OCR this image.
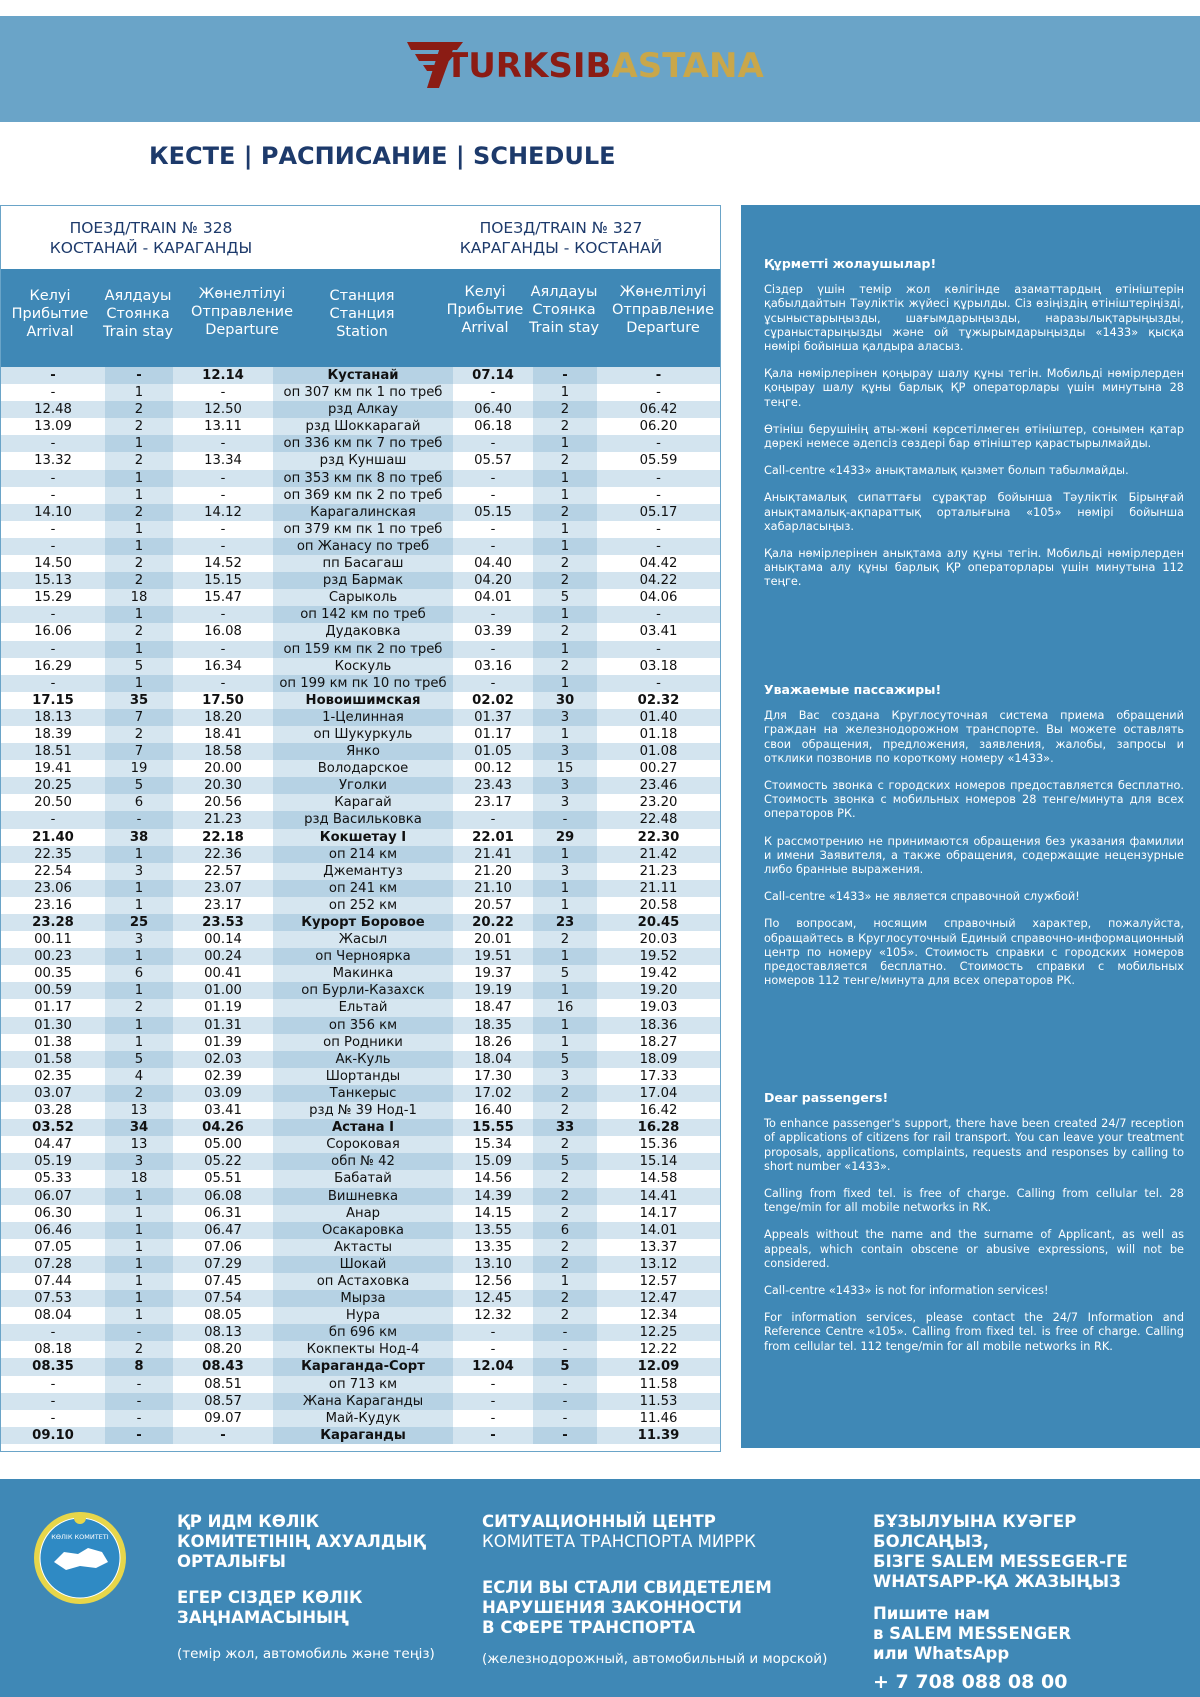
TURKSIBASTANA
КЕСТЕ | РАСПИСАНИЕ | SCHEDULE
ПОЕЗД/TRAIN № 328
КОСТАНАЙ - КАРАГАНДЫ
ПОЕЗД/TRAIN № 327
КАРАГАНДЫ - КОСТАНАЙ
Келуі
Прибытие
Arrival
Аялдауы
Стоянка
Train stay
Жөнелтілуі
Отправление
Departure
Станция
Станция
Station
Келуі
Прибытие
Arrival
Аялдауы
Стоянка
Train stay
Жөнелтілуі
Отправление
Departure
-	-	12.14	Кустанай	07.14	-	-
-	1	-	оп 307 км пк 1 по треб	-	1	-
12.48	2	12.50	рзд Алкау	06.40	2	06.42
13.09	2	13.11	рзд Шоккарагай	06.18	2	06.20
-	1	-	оп 336 км пк 7 по треб	-	1	-
13.32	2	13.34	рзд Куншаш	05.57	2	05.59
-	1	-	оп 353 км пк 8 по треб	-	1	-
-	1	-	оп 369 км пк 2 по треб	-	1	-
14.10	2	14.12	Карагалинская	05.15	2	05.17
-	1	-	оп 379 км пк 1 по треб	-	1	-
-	1	-	оп Жанасу по треб	-	1	-
14.50	2	14.52	пп Басагаш	04.40	2	04.42
15.13	2	15.15	рзд Бармак	04.20	2	04.22
15.29	18	15.47	Сарыколь	04.01	5	04.06
-	1	-	оп 142 км по треб	-	1	-
16.06	2	16.08	Дудаковка	03.39	2	03.41
-	1	-	оп 159 км пк 2 по треб	-	1	-
16.29	5	16.34	Коскуль	03.16	2	03.18
-	1	-	оп 199 км пк 10 по треб	-	1	-
17.15	35	17.50	Новоишимская	02.02	30	02.32
18.13	7	18.20	1-Целинная	01.37	3	01.40
18.39	2	18.41	оп Шукуркуль	01.17	1	01.18
18.51	7	18.58	Янко	01.05	3	01.08
19.41	19	20.00	Володарское	00.12	15	00.27
20.25	5	20.30	Уголки	23.43	3	23.46
20.50	6	20.56	Карагай	23.17	3	23.20
-	-	21.23	рзд Васильковка	-	-	22.48
21.40	38	22.18	Кокшетау I	22.01	29	22.30
22.35	1	22.36	оп 214 км	21.41	1	21.42
22.54	3	22.57	Джемантуз	21.20	3	21.23
23.06	1	23.07	оп 241 км	21.10	1	21.11
23.16	1	23.17	оп 252 км	20.57	1	20.58
23.28	25	23.53	Курорт Боровое	20.22	23	20.45
00.11	3	00.14	Жасыл	20.01	2	20.03
00.23	1	00.24	оп Черноярка	19.51	1	19.52
00.35	6	00.41	Макинка	19.37	5	19.42
00.59	1	01.00	оп Бурли-Казахск	19.19	1	19.20
01.17	2	01.19	Ельтай	18.47	16	19.03
01.30	1	01.31	оп 356 км	18.35	1	18.36
01.38	1	01.39	оп Родники	18.26	1	18.27
01.58	5	02.03	Ак-Куль	18.04	5	18.09
02.35	4	02.39	Шортанды	17.30	3	17.33
03.07	2	03.09	Танкерыс	17.02	2	17.04
03.28	13	03.41	рзд № 39 Нод-1	16.40	2	16.42
03.52	34	04.26	Астана I	15.55	33	16.28
04.47	13	05.00	Сороковая	15.34	2	15.36
05.19	3	05.22	обп № 42	15.09	5	15.14
05.33	18	05.51	Бабатай	14.56	2	14.58
06.07	1	06.08	Вишневка	14.39	2	14.41
06.30	1	06.31	Анар	14.15	2	14.17
06.46	1	06.47	Осакаровка	13.55	6	14.01
07.05	1	07.06	Актасты	13.35	2	13.37
07.28	1	07.29	Шокай	13.10	2	13.12
07.44	1	07.45	оп Астаховка	12.56	1	12.57
07.53	1	07.54	Мырза	12.45	2	12.47
08.04	1	08.05	Нура	12.32	2	12.34
-	-	08.13	бп 696 км	-	-	12.25
08.18	2	08.20	Кокпекты Нод-4	-	-	12.22
08.35	8	08.43	Караганда-Сорт	12.04	5	12.09
-	-	08.51	оп 713 км	-	-	11.58
-	-	08.57	Жана Караганды	-	-	11.53
-	-	09.07	Май-Кудук	-	-	11.46
09.10	-	-	Караганды	-	-	11.39
Құрметті жолаушылар!

Сіздер үшін темір жол көлігінде азаматтардың өтініштерін қабылдайтын Тәуліктік жүйесі құрылды. Сіз өзіңіздің өтініштеріңізді, ұсыныстарыңызды, шағымдарыңызды, наразылықтарыңызды, сұраныстарыңызды және ой тұжырымдарыңызды «1433» қысқа нөмірі бойынша қалдыра аласыз.

Қала нөмірлерінен қоңырау шалу құны тегін. Мобильді нөмірлерден қоңырау шалу құны барлық ҚР операторлары үшін минутына 28 теңге.

Өтініш берушінің аты-жөні көрсетілмеген өтініштер, сонымен қатар дөрекі немесе әдепсіз сөздері бар өтініштер қарастырылмайды.

Call-centre «1433» анықтамалық қызмет болып табылмайды.

Анықтамалық сипаттағы сұрақтар бойынша Тәуліктік Бірыңғай анықтамалық-ақпараттық орталығына «105» нөмірі бойынша хабарласыңыз.

Қала нөмірлерінен анықтама алу құны тегін. Мобильді нөмірлерден анықтама алу құны барлық ҚР операторлары үшін минутына 112 теңге.

Уважаемые пассажиры!

Для Вас создана Круглосуточная система приема обращений граждан на железнодорожном транспорте. Вы можете оставлять свои обращения, предложения, заявления, жалобы, запросы и отклики позвонив по короткому номеру «1433».

Стоимость звонка с городских номеров предоставляется бесплатно. Стоимость звонка с мобильных номеров 28 тенге/минута для всех операторов РК.

К рассмотрению не принимаются обращения без указания фамилии и имени Заявителя, а также обращения, содержащие нецензурные либо бранные выражения.

Call-centre «1433» не является справочной службой!

По вопросам, носящим справочный характер, пожалуйста, обращайтесь в Круглосуточный Единый справочно-информационный центр по номеру «105». Стоимость справки с городских номеров предоставляется бесплатно. Стоимость справки с мобильных номеров 112 тенге/минута для всех операторов РК.

Dear passengers!

To enhance passenger's support, there have been created 24/7 reception of applications of citizens for rail transport. You can leave your treatment proposals, applications, complaints, requests and responses by calling to short number «1433».

Calling from fixed tel. is free of charge. Calling from cellular tel. 28 tenge/min for all mobile networks in RK.

Appeals without the name and the surname of Applicant, as well as appeals, which contain obscene or abusive expressions, will not be considered.

Call-centre «1433» is not for information services!

For information services, please contact the 24/7 Information and Reference Centre «105». Calling from fixed tel. is free of charge. Calling from cellular tel. 112 tenge/min for all mobile networks in RK.

КӨЛІК КОМИТЕТІ
ҚР ИДМ КӨЛІК
КОМИТЕТІНІҢ АХУАЛДЫҚ
ОРТАЛЫҒЫ
ЕГЕР СІЗДЕР КӨЛІК
ЗАҢНАМАСЫНЫҢ
(темір жол, автомобиль және теңіз)
СИТУАЦИОННЫЙ ЦЕНТР
КОМИТЕТА ТРАНСПОРТА МИРРК
ЕСЛИ ВЫ СТАЛИ СВИДЕТЕЛЕМ
НАРУШЕНИЯ ЗАКОННОСТИ
В СФЕРЕ ТРАНСПОРТА
(железнодорожный, автомобильный и морской)
БҰЗЫЛУЫНА КУӘГЕР БОЛСАҢЫЗ,
БІЗГЕ SALEM MESSEGER-ГЕ
WHATSAPP-ҚА ЖАЗЫҢЫЗ
Пишите нам
в SALEM MESSENGER
или WhatsApp
+ 7 708 088 08 00
